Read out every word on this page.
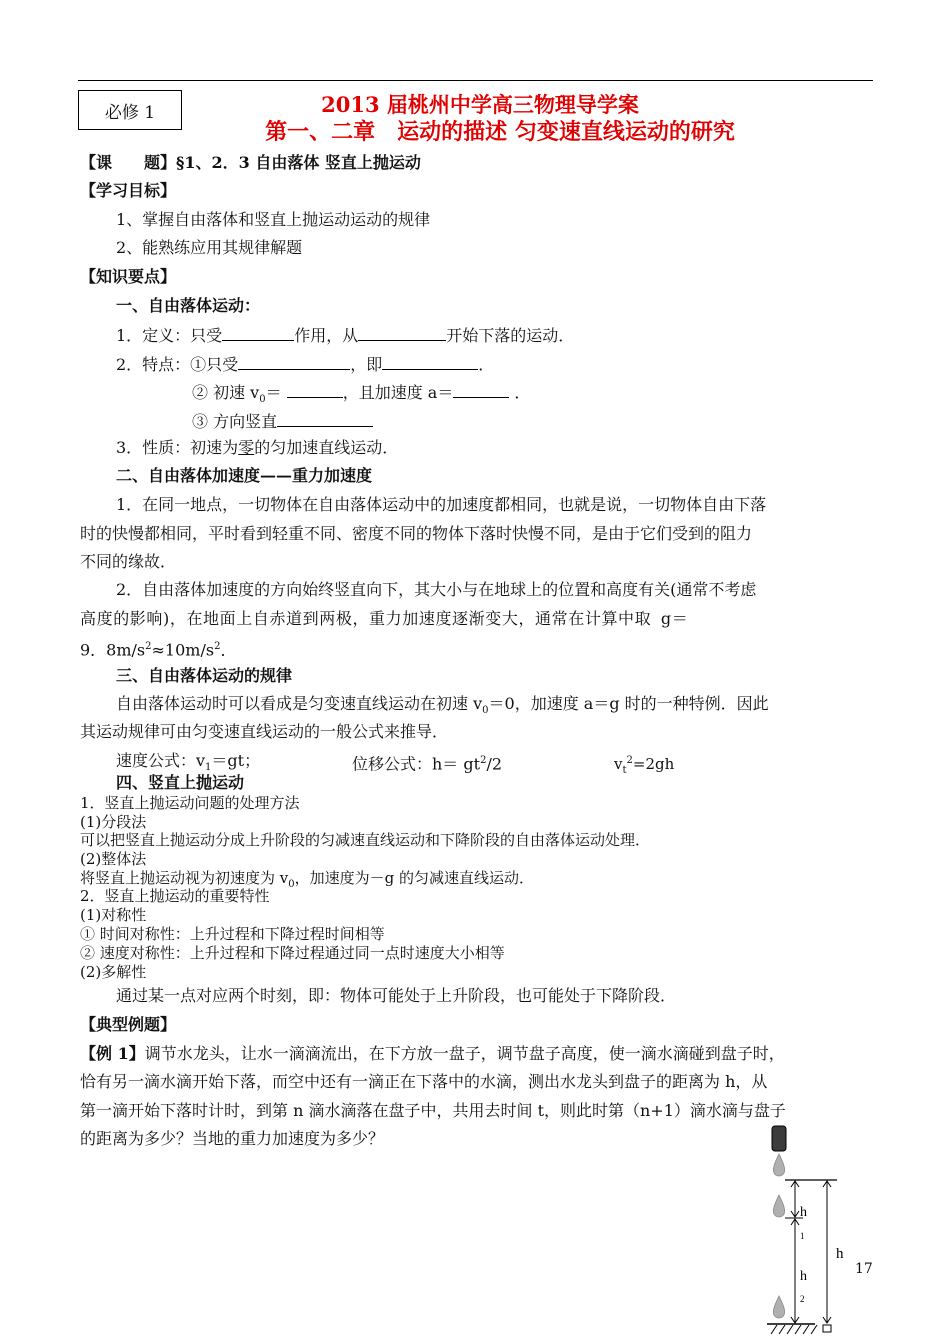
必修 1	2013 届桃州中学高三物理导学案
第一、二章　运动的描述 匀变速直线运动的研究
【课　　题】§1、2．3 自由落体 竖直上抛运动
【学习目标】
1、掌握自由落体和竖直上抛运动运动的规律
2、能熟练应用其规律解题
【知识要点】
一、自由落体运动：
1．定义：只受	作用，从	开始下落的运动．
2．特点：①只受	，即	．
② 初速 $v_0=$	，且加速度 a＝	．
③ 方向竖直
3．性质：初速为零的匀加速直线运动．
二、自由落体加速度——重力加速度
1．在同一地点，一切物体在自由落体运动中的加速度都相同，也就是说，一切物体自由下落
时的快慢都相同，平时看到轻重不同、密度不同的物体下落时快慢不同，是由于它们受到的阻力
不同的缘故．
2．自由落体加速度的方向始终竖直向下，其大小与在地球上的位置和高度有关(通常不考虑
高度的影响)，在地面上自赤道到两极，重力加速度逐渐变大，通常在计算中取 g＝
9．$8m/s^2\approx 10m/s^2$．
三、自由落体运动的规律
自由落体运动时可以看成是匀变速直线运动在初速 $v_0=0$，加速度 a＝g 时的一种特例．因此
其运动规律可由匀变速直线运动的一般公式来推导．
速度公式：$v_1=gt$；	位移公式：$h= gt^2/2$	$v_t^2=2gh$
四、竖直上抛运动
1．竖直上抛运动问题的处理方法
(1)分段法
可以把竖直上抛运动分成上升阶段的匀减速直线运动和下降阶段的自由落体运动处理．
(2)整体法
将竖直上抛运动视为初速度为 $v_0$，加速度为－g 的匀减速直线运动．
2．竖直上抛运动的重要特性
(1)对称性
① 时间对称性：上升过程和下降过程时间相等
② 速度对称性：上升过程和下降过程通过同一点时速度大小相等
(2)多解性
通过某一点对应两个时刻，即：物体可能处于上升阶段，也可能处于下降阶段．
【典型例题】
【例 1】调节水龙头，让水一滴滴流出，在下方放一盘子，调节盘子高度，使一滴水滴碰到盘子时，
恰有另一滴水滴开始下落，而空中还有一滴正在下落中的水滴，测出水龙头到盘子的距离为 h，从
第一滴开始下落时计时，到第 n 滴水滴落在盘子中，共用去时间 t，则此时第（n+1）滴水滴与盘子
的距离为多少？当地的重力加速度为多少？
h
1
h
h
2
17
